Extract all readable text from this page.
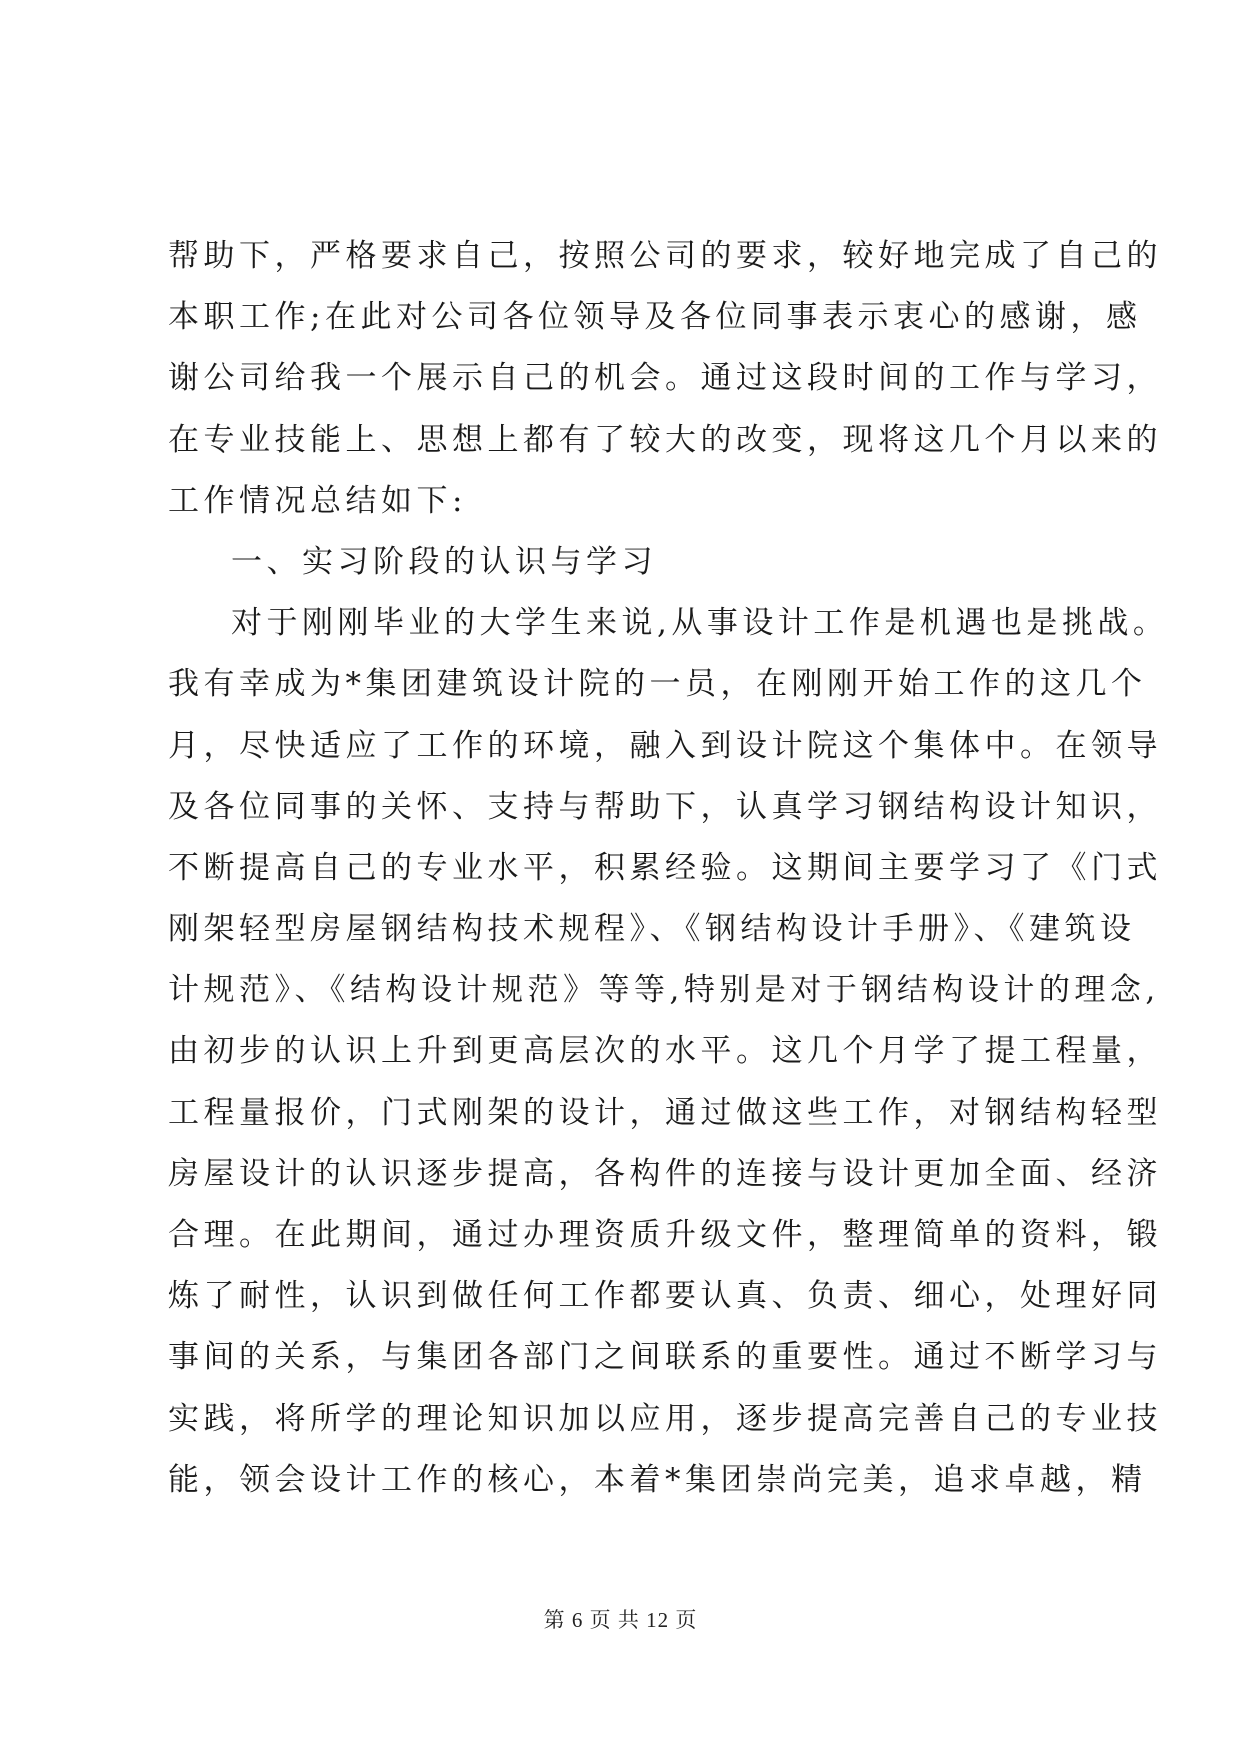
帮助下，严格要求自己，按照公司的要求，较好地完成了自己的
本职工作;在此对公司各位领导及各位同事表示衷心的感谢，感
谢公司给我一个展示自己的机会。通过这段时间的工作与学习，
在专业技能上、思想上都有了较大的改变，现将这几个月以来的
工作情况总结如下:
一、实习阶段的认识与学习
对于刚刚毕业的大学生来说,从事设计工作是机遇也是挑战。
我有幸成为*集团建筑设计院的一员，在刚刚开始工作的这几个
月，尽快适应了工作的环境，融入到设计院这个集体中。在领导
及各位同事的关怀、支持与帮助下，认真学习钢结构设计知识，
不断提高自己的专业水平，积累经验。这期间主要学习了《门式
刚架轻型房屋钢结构技术规程》、《钢结构设计手册》、《建筑设
计规范》、《结构设计规范》等等,特别是对于钢结构设计的理念,
由初步的认识上升到更高层次的水平。这几个月学了提工程量，
工程量报价，门式刚架的设计，通过做这些工作，对钢结构轻型
房屋设计的认识逐步提高，各构件的连接与设计更加全面、经济
合理。在此期间，通过办理资质升级文件，整理简单的资料，锻
炼了耐性，认识到做任何工作都要认真、负责、细心，处理好同
事间的关系，与集团各部门之间联系的重要性。通过不断学习与
实践，将所学的理论知识加以应用，逐步提高完善自己的专业技
能，领会设计工作的核心，本着*集团崇尚完美，追求卓越，精
第 6 页 共 12 页
